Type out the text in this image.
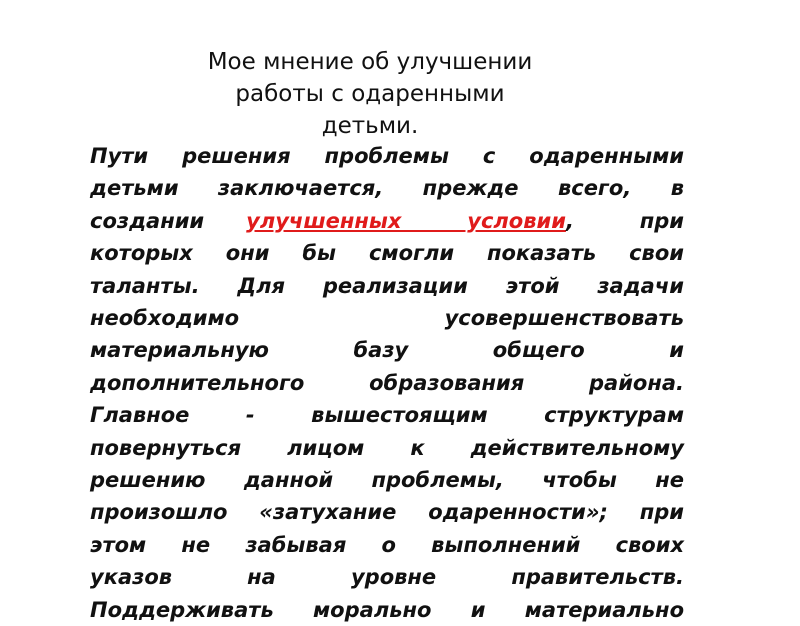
Мое мнение об улучшении
работы с одаренными
детьми.
Пути решения проблемы с одаренными
детьми заключается, прежде всего, в
создании   улучшенных условии, при
которых они бы смогли показать свои
таланты. Для реализации этой задачи
необходимо усовершенствовать
материальную базу общего и
дополнительного образования района.
Главное - вышестоящим структурам
повернуться лицом к действительному
решению данной проблемы, чтобы не
произошло «затухание одаренности»; при
этом не забывая о выполнений своих
указов на уровне правительств.
Поддерживать морально и материально
